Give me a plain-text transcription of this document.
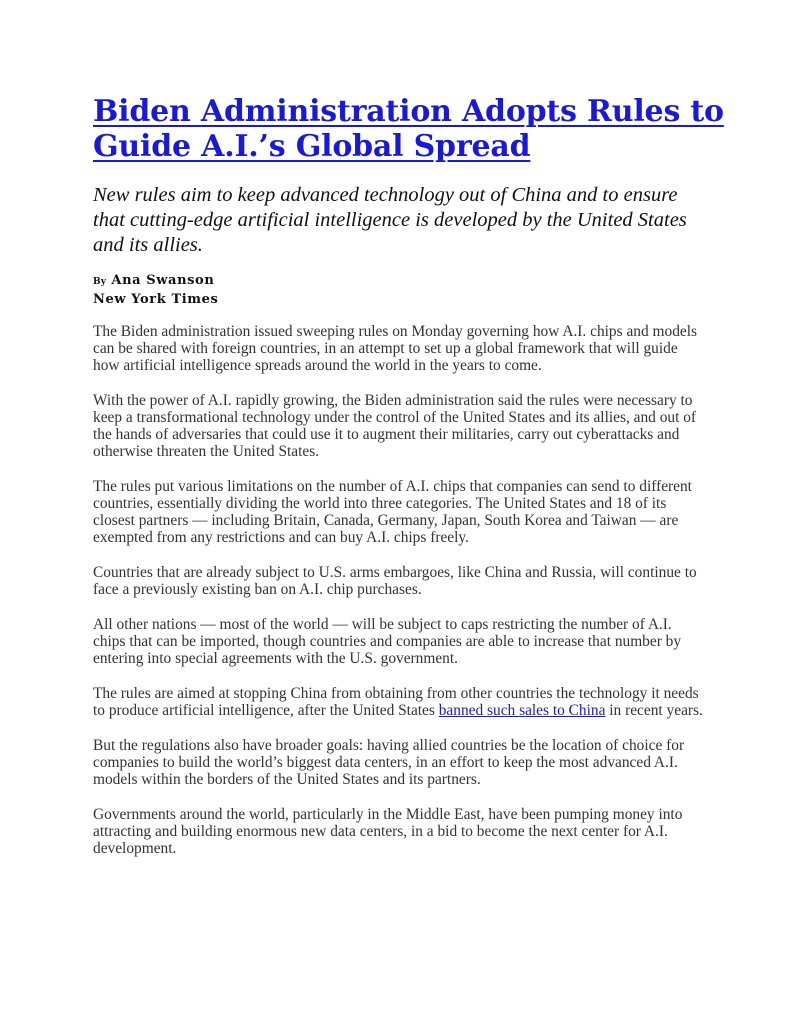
Biden Administration Adopts Rules to Guide A.I.’s Global Spread

New rules aim to keep advanced technology out of China and to ensure that cutting-edge artificial intelligence is developed by the United States and its allies.

By Ana Swanson
New York Times

The Biden administration issued sweeping rules on Monday governing how A.I. chips and models can be shared with foreign countries, in an attempt to set up a global framework that will guide how artificial intelligence spreads around the world in the years to come.

With the power of A.I. rapidly growing, the Biden administration said the rules were necessary to keep a transformational technology under the control of the United States and its allies, and out of the hands of adversaries that could use it to augment their militaries, carry out cyberattacks and otherwise threaten the United States.

The rules put various limitations on the number of A.I. chips that companies can send to different countries, essentially dividing the world into three categories. The United States and 18 of its closest partners — including Britain, Canada, Germany, Japan, South Korea and Taiwan — are exempted from any restrictions and can buy A.I. chips freely.

Countries that are already subject to U.S. arms embargoes, like China and Russia, will continue to face a previously existing ban on A.I. chip purchases.

All other nations — most of the world — will be subject to caps restricting the number of A.I. chips that can be imported, though countries and companies are able to increase that number by entering into special agreements with the U.S. government.

The rules are aimed at stopping China from obtaining from other countries the technology it needs to produce artificial intelligence, after the United States banned such sales to China in recent years.

But the regulations also have broader goals: having allied countries be the location of choice for companies to build the world’s biggest data centers, in an effort to keep the most advanced A.I. models within the borders of the United States and its partners.

Governments around the world, particularly in the Middle East, have been pumping money into attracting and building enormous new data centers, in a bid to become the next center for A.I. development.
